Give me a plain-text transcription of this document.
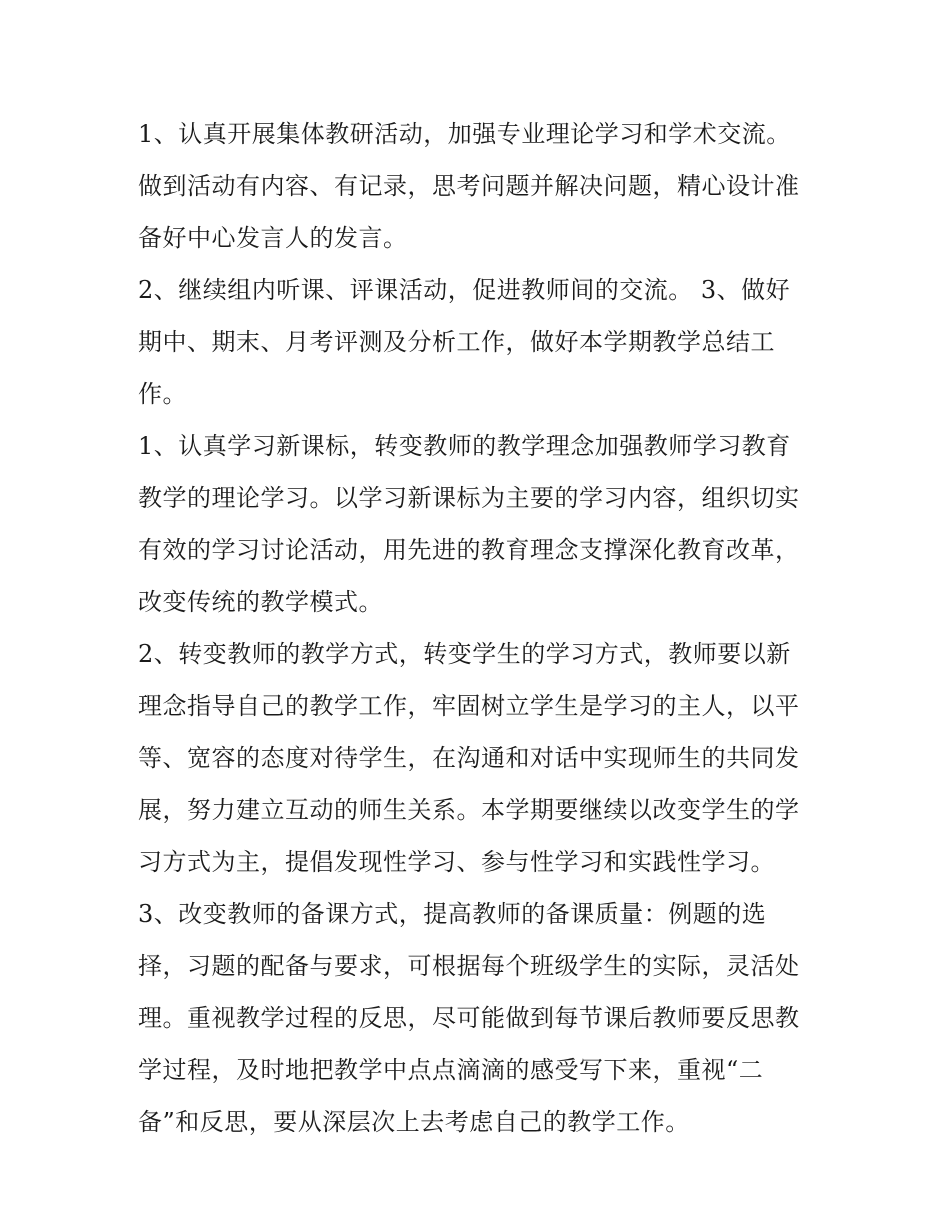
1、认真开展集体教研活动，加强专业理论学习和学术交流。
做到活动有内容、有记录，思考问题并解决问题，精心设计准
备好中心发言人的发言。
2、继续组内听课、评课活动，促进教师间的交流。 3、做好
期中、期末、月考评测及分析工作，做好本学期教学总结工
作。
1、认真学习新课标，转变教师的教学理念加强教师学习教育
教学的理论学习。以学习新课标为主要的学习内容，组织切实
有效的学习讨论活动，用先进的教育理念支撑深化教育改革，
改变传统的教学模式。
2、转变教师的教学方式，转变学生的学习方式，教师要以新
理念指导自己的教学工作，牢固树立学生是学习的主人，以平
等、宽容的态度对待学生，在沟通和对话中实现师生的共同发
展，努力建立互动的师生关系。本学期要继续以改变学生的学
习方式为主，提倡发现性学习、参与性学习和实践性学习。
3、改变教师的备课方式，提高教师的备课质量：例题的选
择，习题的配备与要求，可根据每个班级学生的实际，灵活处
理。重视教学过程的反思，尽可能做到每节课后教师要反思教
学过程，及时地把教学中点点滴滴的感受写下来，重视“二
备”和反思，要从深层次上去考虑自己的教学工作。
